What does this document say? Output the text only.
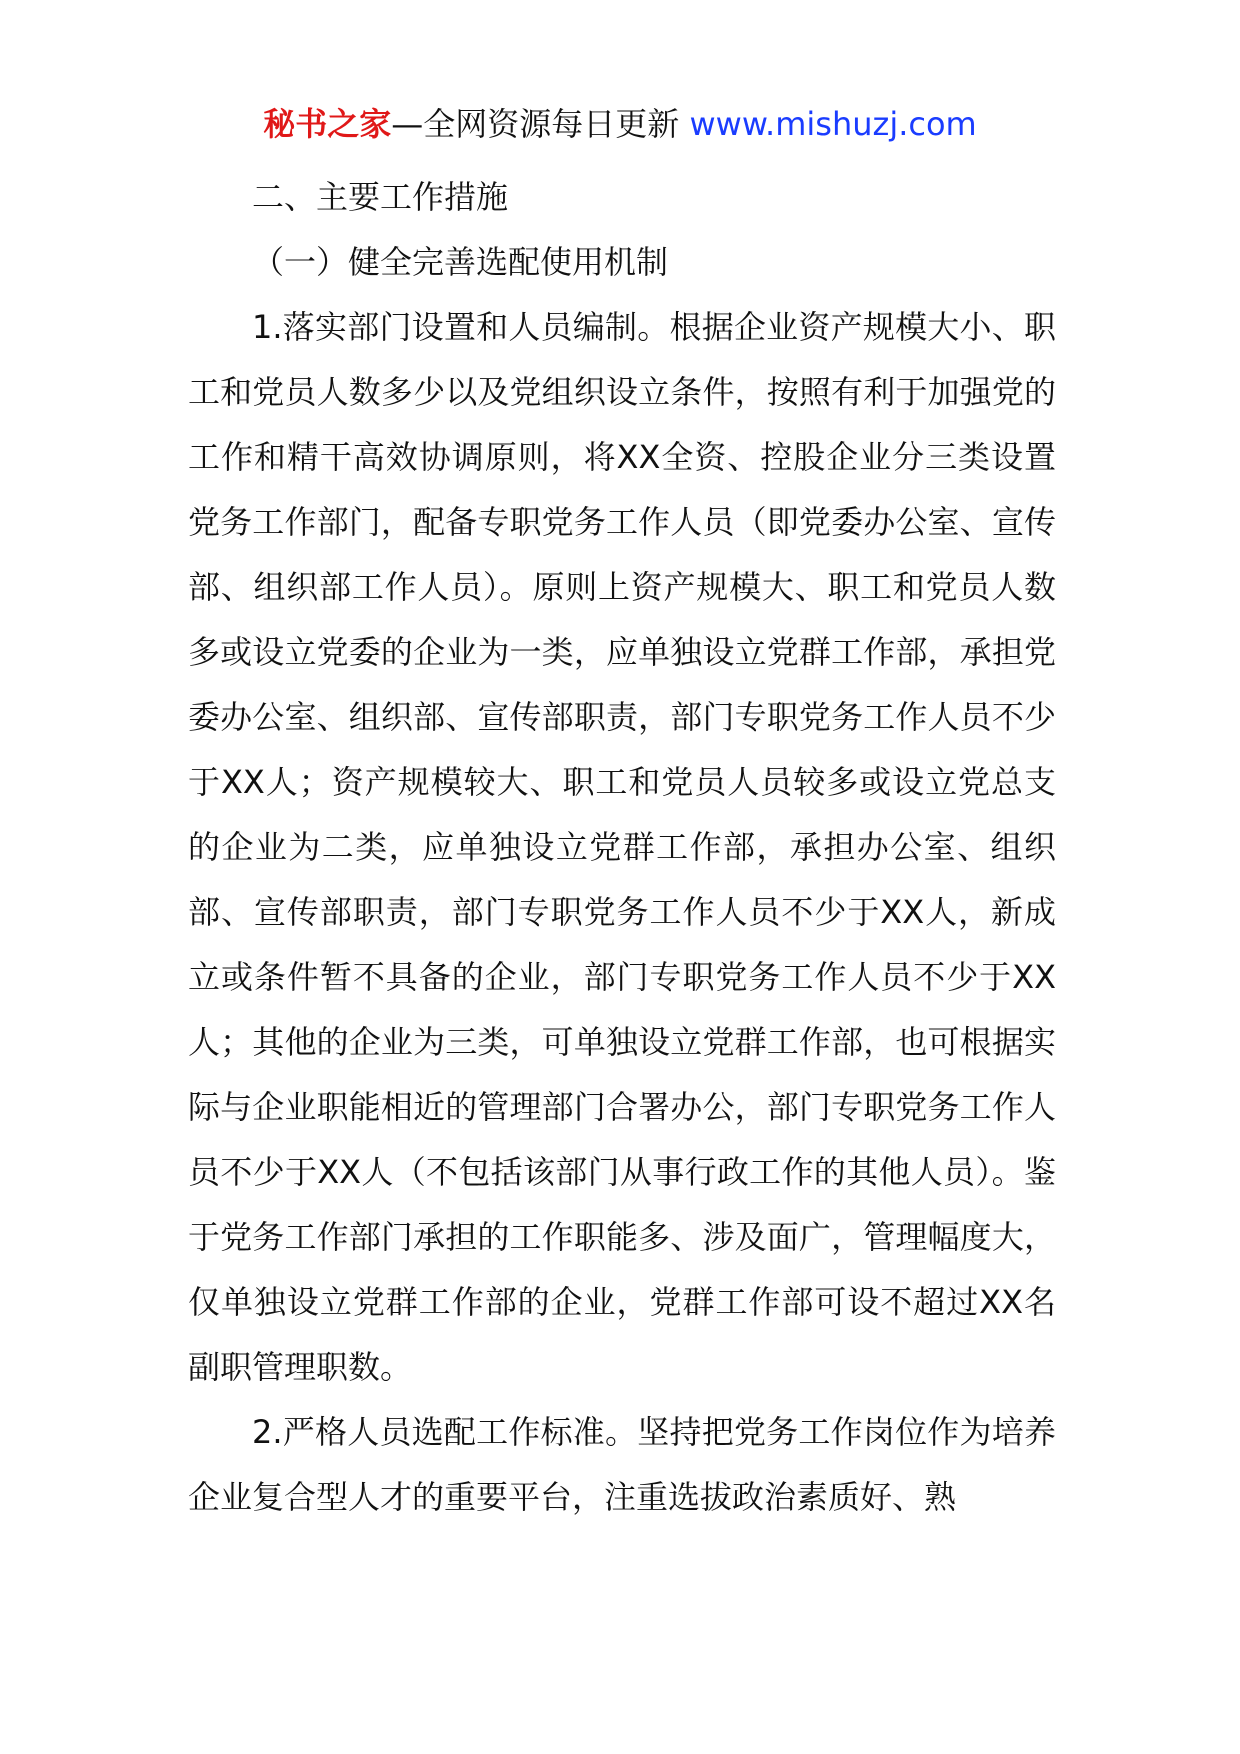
秘书之家—全网资源每日更新 www.mishuzj.com

二、主要工作措施

（一）健全完善选配使用机制

1.落实部门设置和人员编制。根据企业资产规模大小、职工和党员人数多少以及党组织设立条件，按照有利于加强党的工作和精干高效协调原则，将XX全资、控股企业分三类设置党务工作部门，配备专职党务工作人员（即党委办公室、宣传部、组织部工作人员）。原则上资产规模大、职工和党员人数多或设立党委的企业为一类，应单独设立党群工作部，承担党委办公室、组织部、宣传部职责，部门专职党务工作人员不少于XX人；资产规模较大、职工和党员人员较多或设立党总支的企业为二类，应单独设立党群工作部，承担办公室、组织部、宣传部职责，部门专职党务工作人员不少于XX人，新成立或条件暂不具备的企业，部门专职党务工作人员不少于XX人；其他的企业为三类，可单独设立党群工作部，也可根据实际与企业职能相近的管理部门合署办公，部门专职党务工作人员不少于XX人（不包括该部门从事行政工作的其他人员）。鉴于党务工作部门承担的工作职能多、涉及面广，管理幅度大，仅单独设立党群工作部的企业，党群工作部可设不超过XX名副职管理职数。

2.严格人员选配工作标准。坚持把党务工作岗位作为培养企业复合型人才的重要平台，注重选拔政治素质好、熟
